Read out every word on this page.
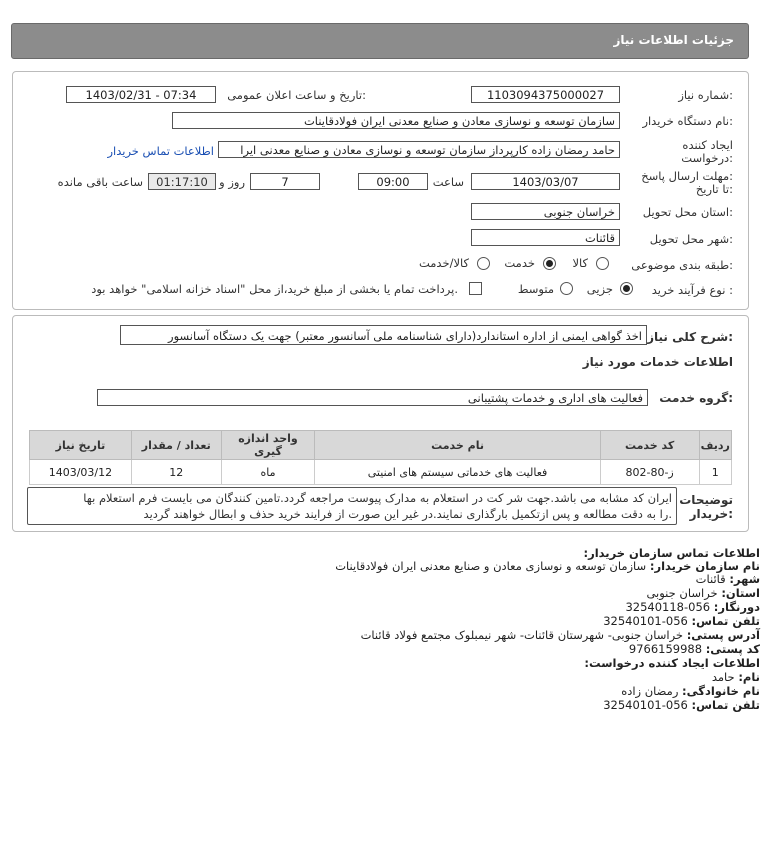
جزئیات اطلاعات نیاز
شماره نیاز:
1103094375000027
تاریخ و ساعت اعلان عمومی:
1403/02/31 - 07:34
نام دستگاه خریدار:
سازمان توسعه و نوسازی معادن و صنایع معدنی ایران فولادقاینات
ایجاد کننده
درخواست:
حامد رمضان زاده کارپرداز سازمان توسعه و نوسازی معادن و صنایع معدنی ایرا
اطلاعات تماس خریدار
مهلت ارسال پاسخ:
تا تاریخ:
1403/03/07
ساعت
09:00
7
روز و
01:17:10
ساعت باقی مانده
استان محل تحویل:
خراسان جنوبی
شهر محل تحویل:
قائنات
طبقه بندی موضوعی:
کالا
خدمت
کالا/خدمت
نوع فرآیند خرید :
جزیی
متوسط
پرداخت تمام یا بخشی از مبلغ خرید،از محل "اسناد خزانه اسلامی" خواهد بود.
شرح کلی نیاز:
اخذ گواهی ایمنی از اداره استاندارد(دارای شناسنامه ملی آسانسور معتبر) جهت یک دستگاه آسانسور
اطلاعات خدمات مورد نیاز
گروه خدمت:
فعالیت های اداری و خدمات پشتیبانی
ردیف	کد خدمت	نام خدمت	واحد اندازه گیری	تعداد / مقدار	تاریخ نیاز
1	ز-80-802	فعالیت های خدماتی سیستم های امنیتی	ماه	12	1403/03/12
توضیحات
خریدار:
ایران کد مشابه می باشد.جهت شر کت در استعلام به مدارک پیوست مراجعه گردد.تامین کنندگان می بایست فرم استعلام بها
را به دقت مطالعه و پس ازتکمیل بارگذاری نمایند.در غیر این صورت از فرایند خرید حذف و ابطال خواهند گردید.
اطلاعات تماس سازمان خریدار:
نام سازمان خریدار: سازمان توسعه و نوسازی معادن و صنایع معدنی ایران فولادقاینات
شهر: قائنات
استان: خراسان جنوبی
دورنگار: 056-32540118
تلفن تماس: 056-32540101
آدرس پستی: خراسان جنوبی- شهرستان قائنات- شهر نیمبلوک مجتمع فولاد قائنات
کد پستی: 9766159988
اطلاعات ایجاد کننده درخواست:
نام: حامد
نام خانوادگی: رمضان زاده
تلفن تماس: 056-32540101
